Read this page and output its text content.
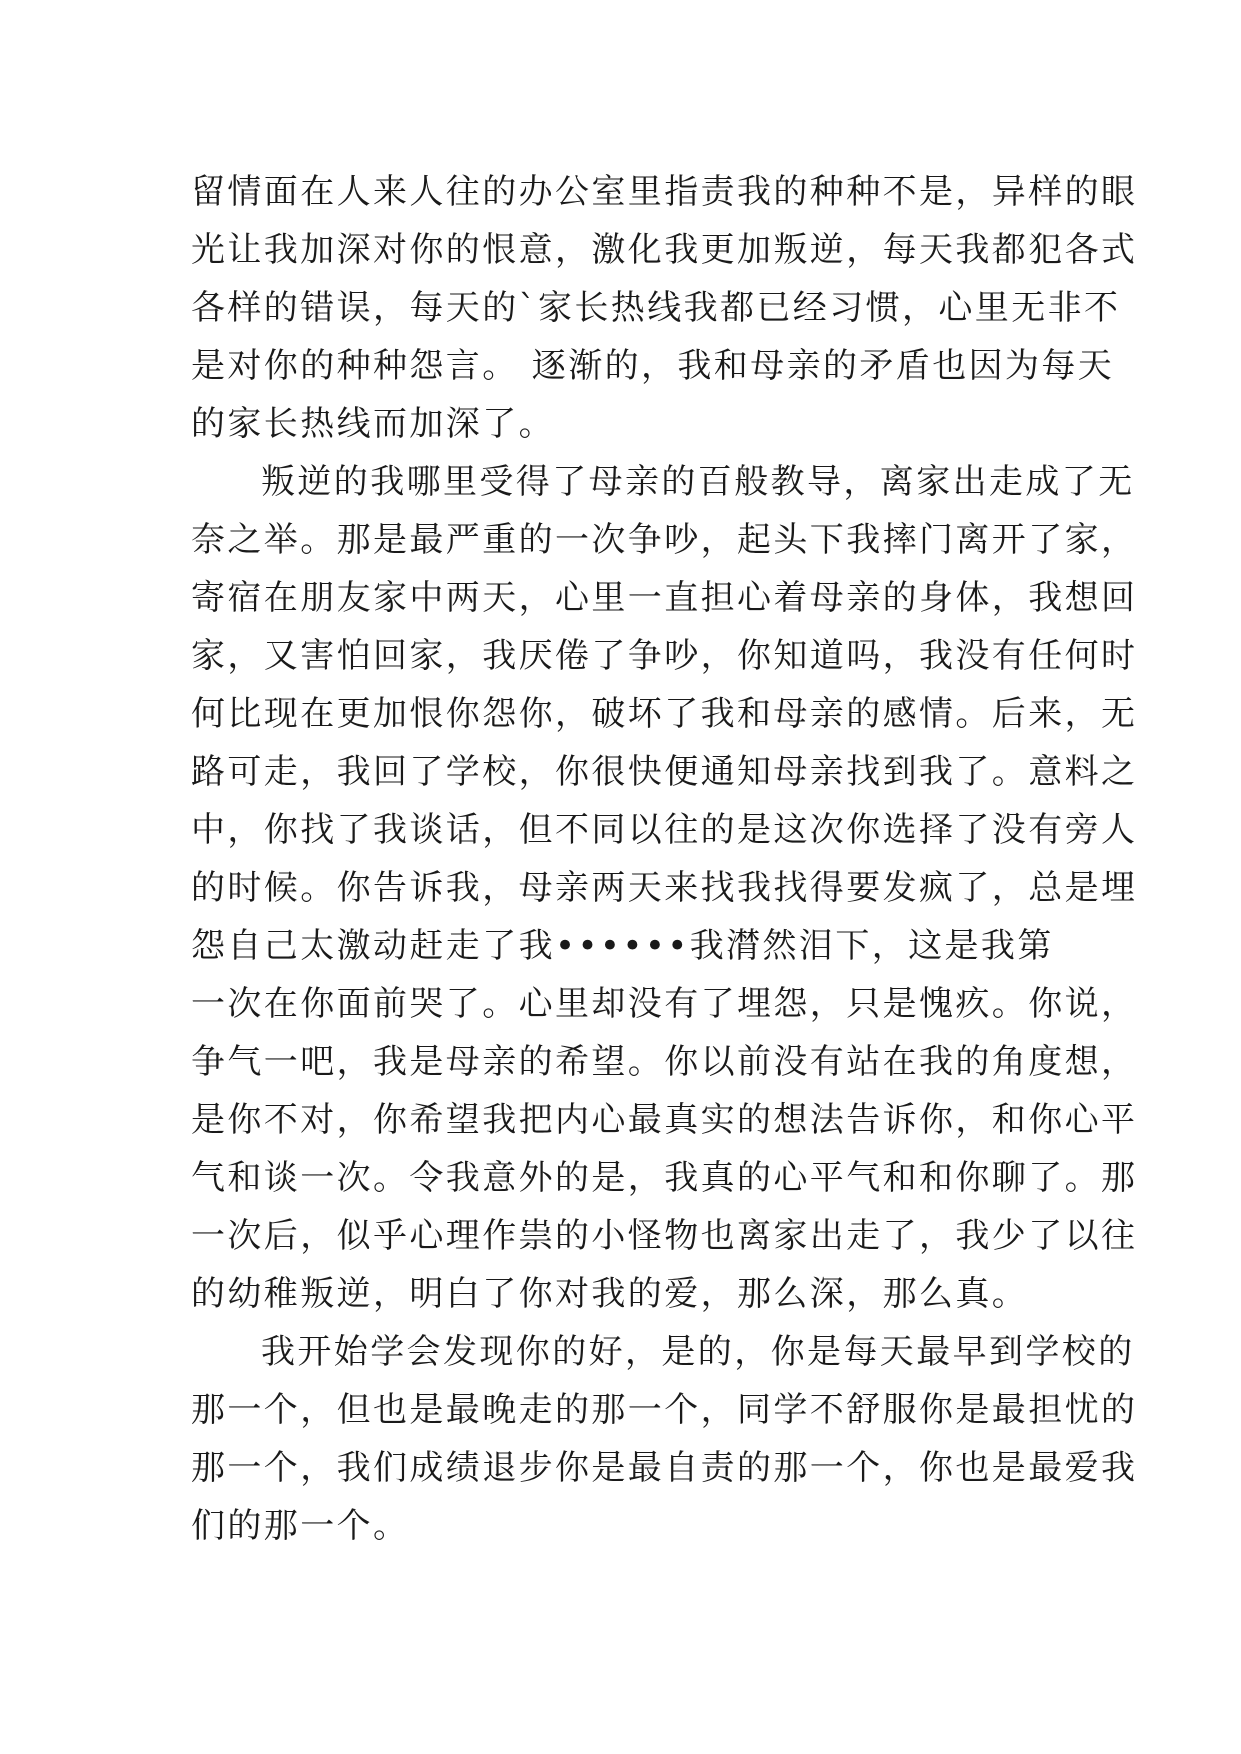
留情面在人来人往的办公室里指责我的种种不是，异样的眼
光让我加深对你的恨意，激化我更加叛逆，每天我都犯各式
各样的错误，每天的`家长热线我都已经习惯，心里无非不
是对你的种种怨言。 逐渐的，我和母亲的矛盾也因为每天
的家长热线而加深了。
叛逆的我哪里受得了母亲的百般教导，离家出走成了无
奈之举。那是最严重的一次争吵，起头下我摔门离开了家，
寄宿在朋友家中两天，心里一直担心着母亲的身体，我想回
家，又害怕回家，我厌倦了争吵，你知道吗，我没有任何时
何比现在更加恨你怨你，破坏了我和母亲的感情。后来，无
路可走，我回了学校，你很快便通知母亲找到我了。意料之
中，你找了我谈话，但不同以往的是这次你选择了没有旁人
的时候。你告诉我，母亲两天来找我找得要发疯了，总是埋
怨自己太激动赶走了我••••••我潸然泪下，这是我第
一次在你面前哭了。心里却没有了埋怨，只是愧疚。你说，
争气一吧，我是母亲的希望。你以前没有站在我的角度想，
是你不对，你希望我把内心最真实的想法告诉你，和你心平
气和谈一次。令我意外的是，我真的心平气和和你聊了。那
一次后，似乎心理作祟的小怪物也离家出走了，我少了以往
的幼稚叛逆，明白了你对我的爱，那么深，那么真。
我开始学会发现你的好，是的，你是每天最早到学校的
那一个，但也是最晚走的那一个，同学不舒服你是最担忧的
那一个，我们成绩退步你是最自责的那一个，你也是最爱我
们的那一个。
